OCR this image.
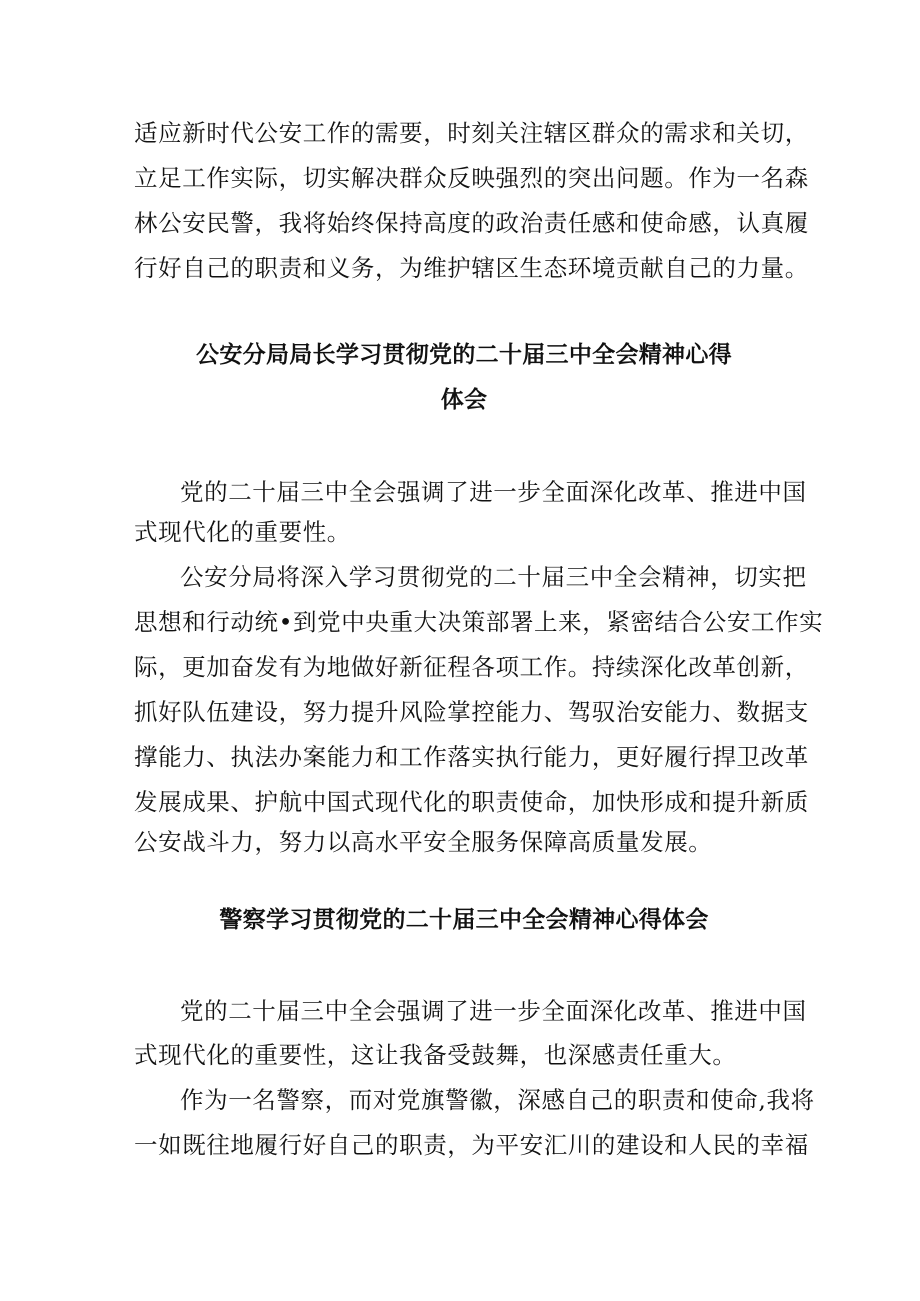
适应新时代公安工作的需要，时刻关注辖区群众的需求和关切，
立足工作实际，切实解决群众反映强烈的突出问题。作为一名森
林公安民警，我将始终保持高度的政治责任感和使命感，认真履
行好自己的职责和义务，为维护辖区生态环境贡献自己的力量。
公安分局局长学习贯彻党的二十届三中全会精神心得
体会
党的二十届三中全会强调了进一步全面深化改革、推进中国
式现代化的重要性。
公安分局将深入学习贯彻党的二十届三中全会精神，切实把
思想和行动统•到党中央重大决策部署上来，紧密结合公安工作实
际，更加奋发有为地做好新征程各项工作。持续深化改革创新，
抓好队伍建设，努力提升风险掌控能力、驾驭治安能力、数据支
撑能力、执法办案能力和工作落实执行能力，更好履行捍卫改革
发展成果、护航中国式现代化的职责使命，加快形成和提升新质
公安战斗力，努力以高水平安全服务保障高质量发展。
警察学习贯彻党的二十届三中全会精神心得体会
党的二十届三中全会强调了进一步全面深化改革、推进中国
式现代化的重要性，这让我备受鼓舞，也深感责任重大。
作为一名警察，而对党旗警徽，深感自己的职责和使命,我将
一如既往地履行好自己的职责，为平安汇川的建设和人民的幸福
